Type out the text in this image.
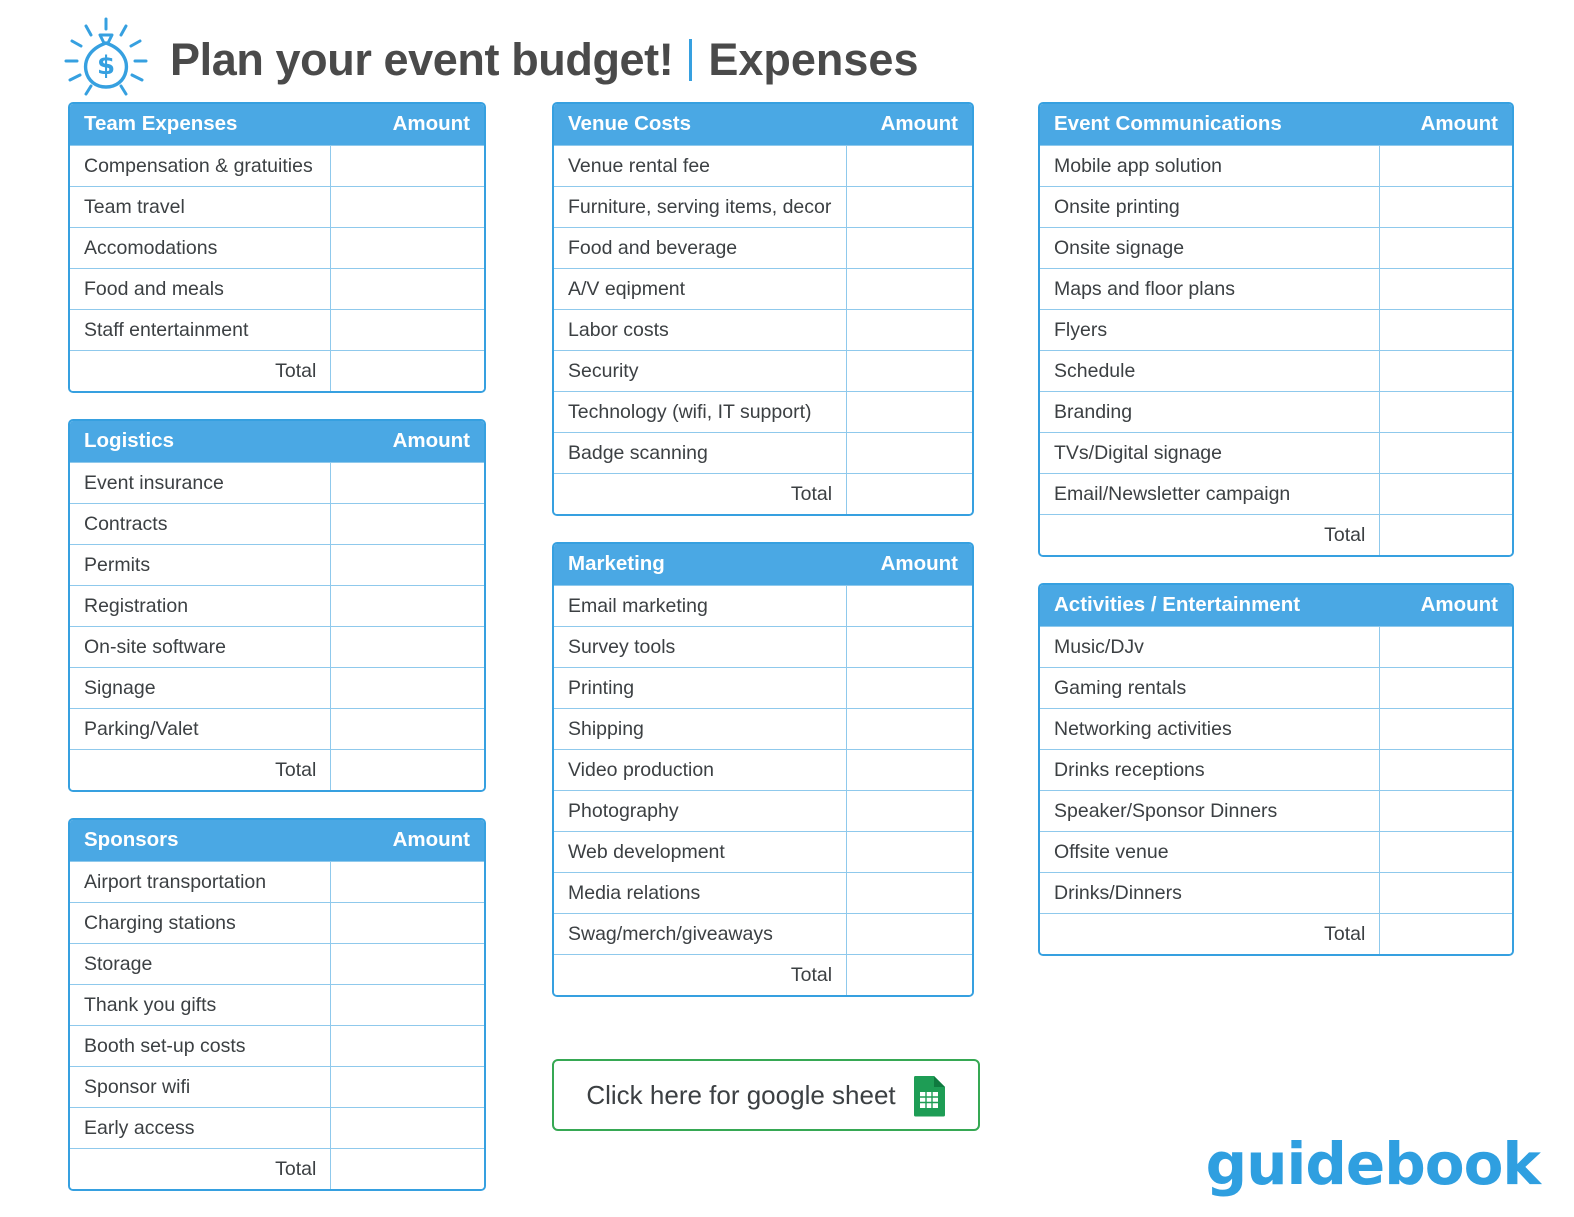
$ Plan your event budget! Expenses
Team Expenses	Amount
Compensation & gratuities	
Team travel	
Accomodations	
Food and meals	
Staff entertainment	
Total	
Logistics	Amount
Event insurance	
Contracts	
Permits	
Registration	
On-site software	
Signage	
Parking/Valet	
Total	
Sponsors	Amount
Airport transportation	
Charging stations	
Storage	
Thank you gifts	
Booth set-up costs	
Sponsor wifi	
Early access	
Total	
Venue Costs	Amount
Venue rental fee	
Furniture, serving items, decor	
Food and beverage	
A/V eqipment	
Labor costs	
Security	
Technology (wifi, IT support)	
Badge scanning	
Total	
Marketing	Amount
Email marketing	
Survey tools	
Printing	
Shipping	
Video production	
Photography	
Web development	
Media relations	
Swag/merch/giveaways	
Total	
Click here for google sheet
Event Communications	Amount
Mobile app solution	
Onsite printing	
Onsite signage	
Maps and floor plans	
Flyers	
Schedule	
Branding	
TVs/Digital signage	
Email/Newsletter campaign	
Total	
Activities / Entertainment	Amount
Music/DJv	
Gaming rentals	
Networking activities	
Drinks receptions	
Speaker/Sponsor Dinners	
Offsite venue	
Drinks/Dinners	
Total	
guidebook
